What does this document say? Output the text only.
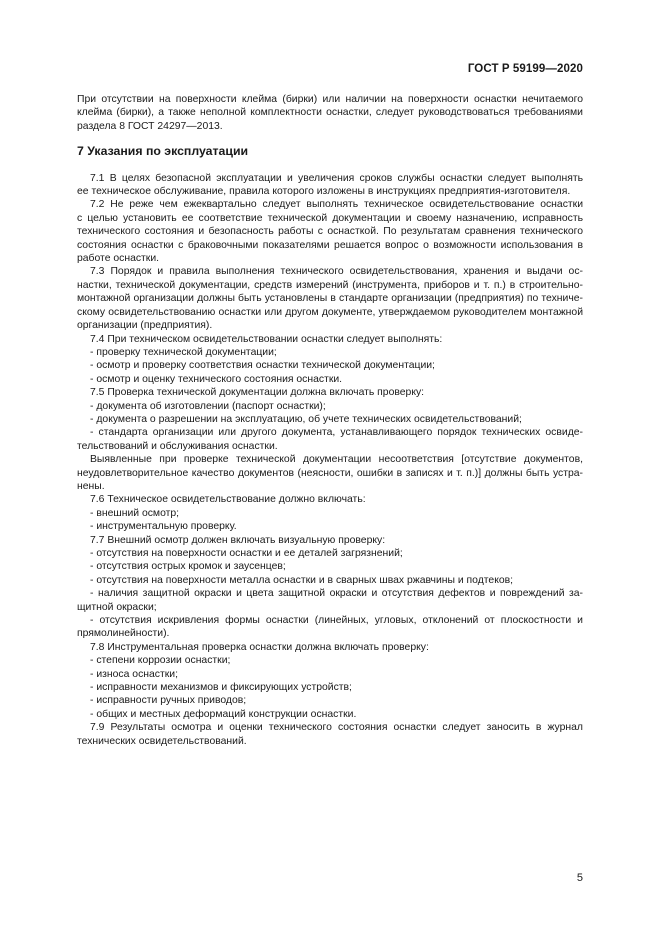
ГОСТ Р 59199—2020
При отсутствии на поверхности клейма (бирки) или наличии на поверхности оснастки нечитаемого
клейма (бирки), а также неполной комплектности оснастки, следует руководствоваться требованиями
раздела 8 ГОСТ 24297—2013.
7 Указания по эксплуатации
7.1 В целях безопасной эксплуатации и увеличения сроков службы оснастки следует выполнять
ее техническое обслуживание, правила которого изложены в инструкциях предприятия-изготовителя.
7.2 Не реже чем ежеквартально следует выполнять техническое освидетельствование оснастки
с целью установить ее соответствие технической документации и своему назначению, исправность
технического состояния и безопасность работы с оснасткой. По результатам сравнения технического
состояния оснастки с браковочными показателями решается вопрос о возможности использования в
работе оснастки.
7.3 Порядок и правила выполнения технического освидетельствования, хранения и выдачи ос-
настки, технической документации, средств измерений (инструмента, приборов и т. п.) в строительно-
монтажной организации должны быть установлены в стандарте организации (предприятия) по техниче-
скому освидетельствованию оснастки или другом документе, утверждаемом руководителем монтажной
организации (предприятия).
7.4 При техническом освидетельствовании оснастки следует выполнять:
- проверку технической документации;
- осмотр и проверку соответствия оснастки технической документации;
- осмотр и оценку технического состояния оснастки.
7.5 Проверка технической документации должна включать проверку:
- документа об изготовлении (паспорт оснастки);
- документа о разрешении на эксплуатацию, об учете технических освидетельствований;
- стандарта организации или другого документа, устанавливающего порядок технических освиде-
тельствований и обслуживания оснастки.
Выявленные при проверке технической документации несоответствия [отсутствие документов,
неудовлетворительное качество документов (неясности, ошибки в записях и т. п.)] должны быть устра-
нены.
7.6 Техническое освидетельствование должно включать:
- внешний осмотр;
- инструментальную проверку.
7.7 Внешний осмотр должен включать визуальную проверку:
- отсутствия на поверхности оснастки и ее деталей загрязнений;
- отсутствия острых кромок и заусенцев;
- отсутствия на поверхности металла оснастки и в сварных швах ржавчины и подтеков;
- наличия защитной окраски и цвета защитной окраски и отсутствия дефектов и повреждений за-
щитной окраски;
- отсутствия искривления формы оснастки (линейных, угловых, отклонений от плоскостности и
прямолинейности).
7.8 Инструментальная проверка оснастки должна включать проверку:
- степени коррозии оснастки;
- износа оснастки;
- исправности механизмов и фиксирующих устройств;
- исправности ручных приводов;
- общих и местных деформаций конструкции оснастки.
7.9 Результаты осмотра и оценки технического состояния оснастки следует заносить в журнал
технических освидетельствований.
5
